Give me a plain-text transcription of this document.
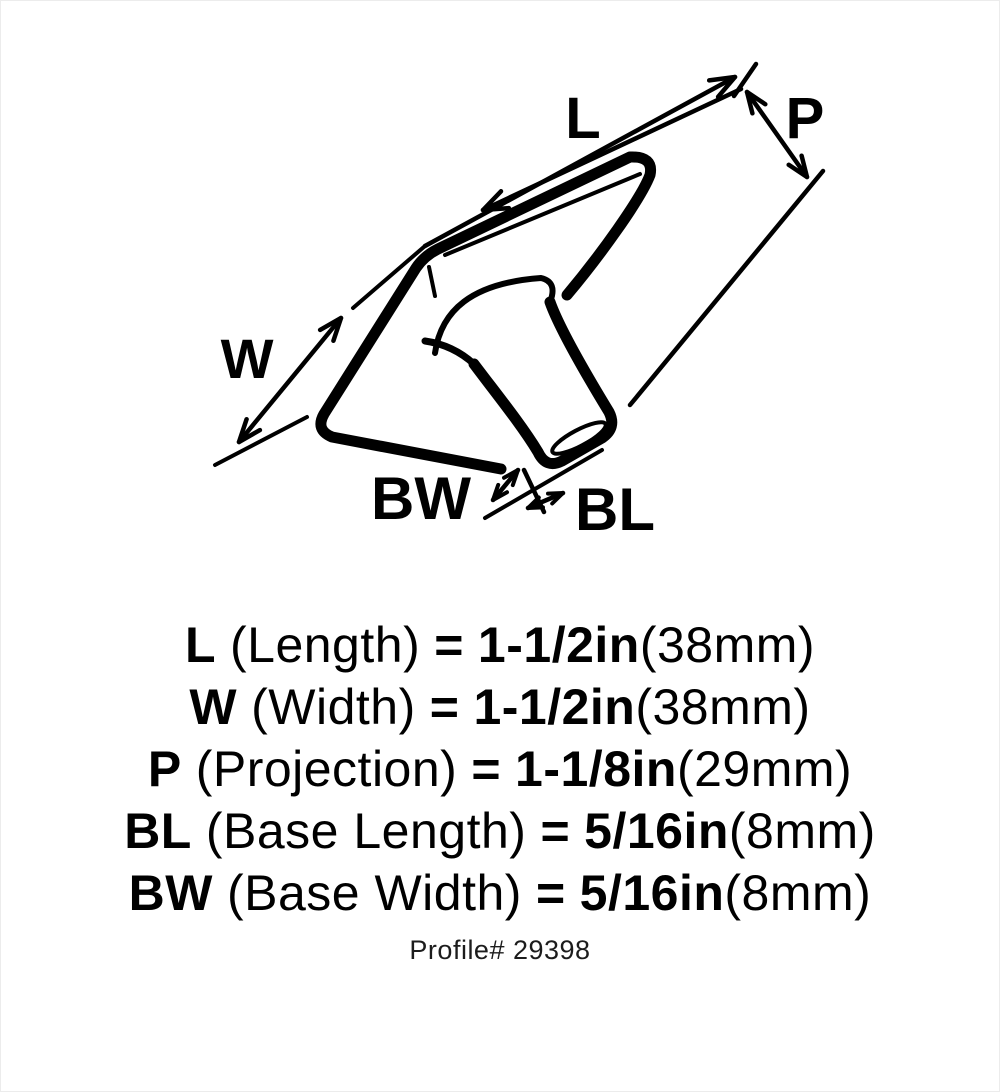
L	P
W
BW BL
L (Length) = 1-1/2in (38mm)
W (Width) = 1-1/2in (38mm)
P (Projection) = 1-1/8in (29mm)
BL (Base Length) = 5/16in (8mm)
BW (Base Width) = 5/16in (8mm)
Profile# 29398
